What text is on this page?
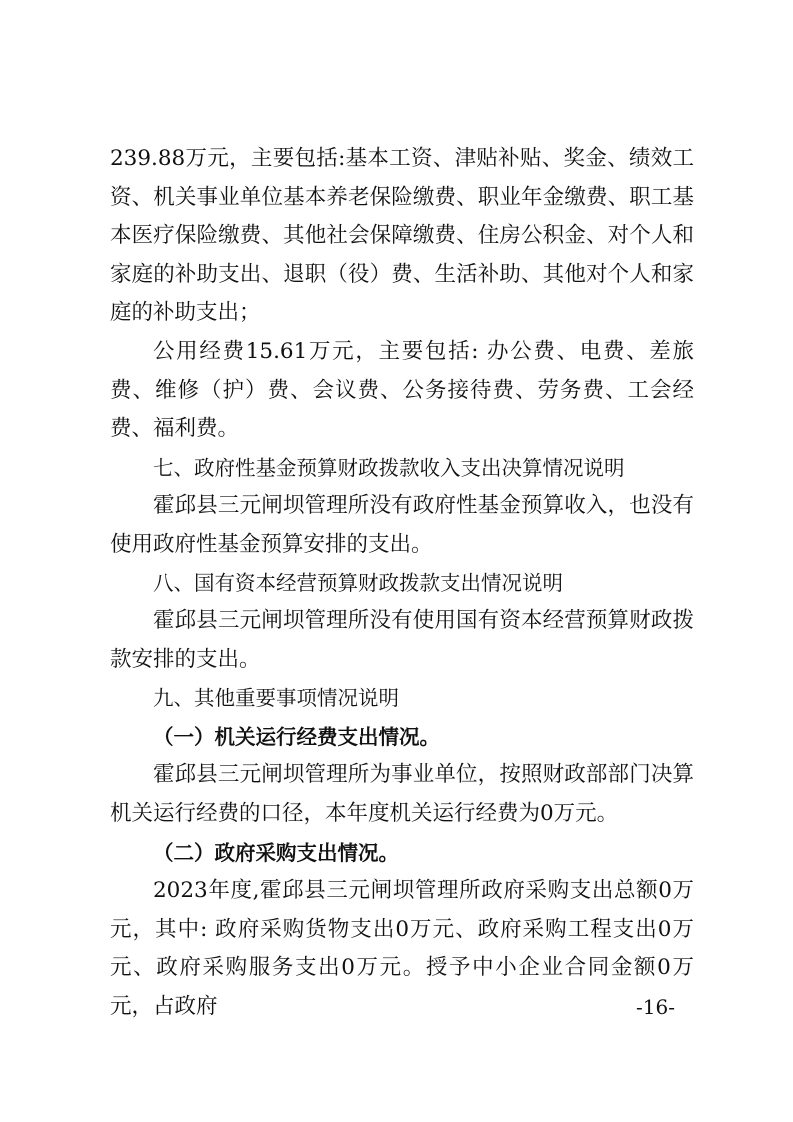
239.88万元，主要包括:基本工资、津贴补贴、奖金、绩效工资、机关事业单位基本养老保险缴费、职业年金缴费、职工基本医疗保险缴费、其他社会保障缴费、住房公积金、对个人和家庭的补助支出、退职（役）费、生活补助、其他对个人和家庭的补助支出；

公用经费15.61万元，主要包括: 办公费、电费、差旅费、维修（护）费、会议费、公务接待费、劳务费、工会经费、福利费。

七、政府性基金预算财政拨款收入支出决算情况说明

霍邱县三元闸坝管理所没有政府性基金预算收入，也没有使用政府性基金预算安排的支出。

八、国有资本经营预算财政拨款支出情况说明

霍邱县三元闸坝管理所没有使用国有资本经营预算财政拨款安排的支出。

九、其他重要事项情况说明
（一）机关运行经费支出情况。

霍邱县三元闸坝管理所为事业单位，按照财政部部门决算机关运行经费的口径，本年度机关运行经费为0万元。

（二）政府采购支出情况。

2023年度,霍邱县三元闸坝管理所政府采购支出总额0万元，其中: 政府采购货物支出0万元、政府采购工程支出0万元、政府采购服务支出0万元。授予中小企业合同金额0万元，占政府	-16-
